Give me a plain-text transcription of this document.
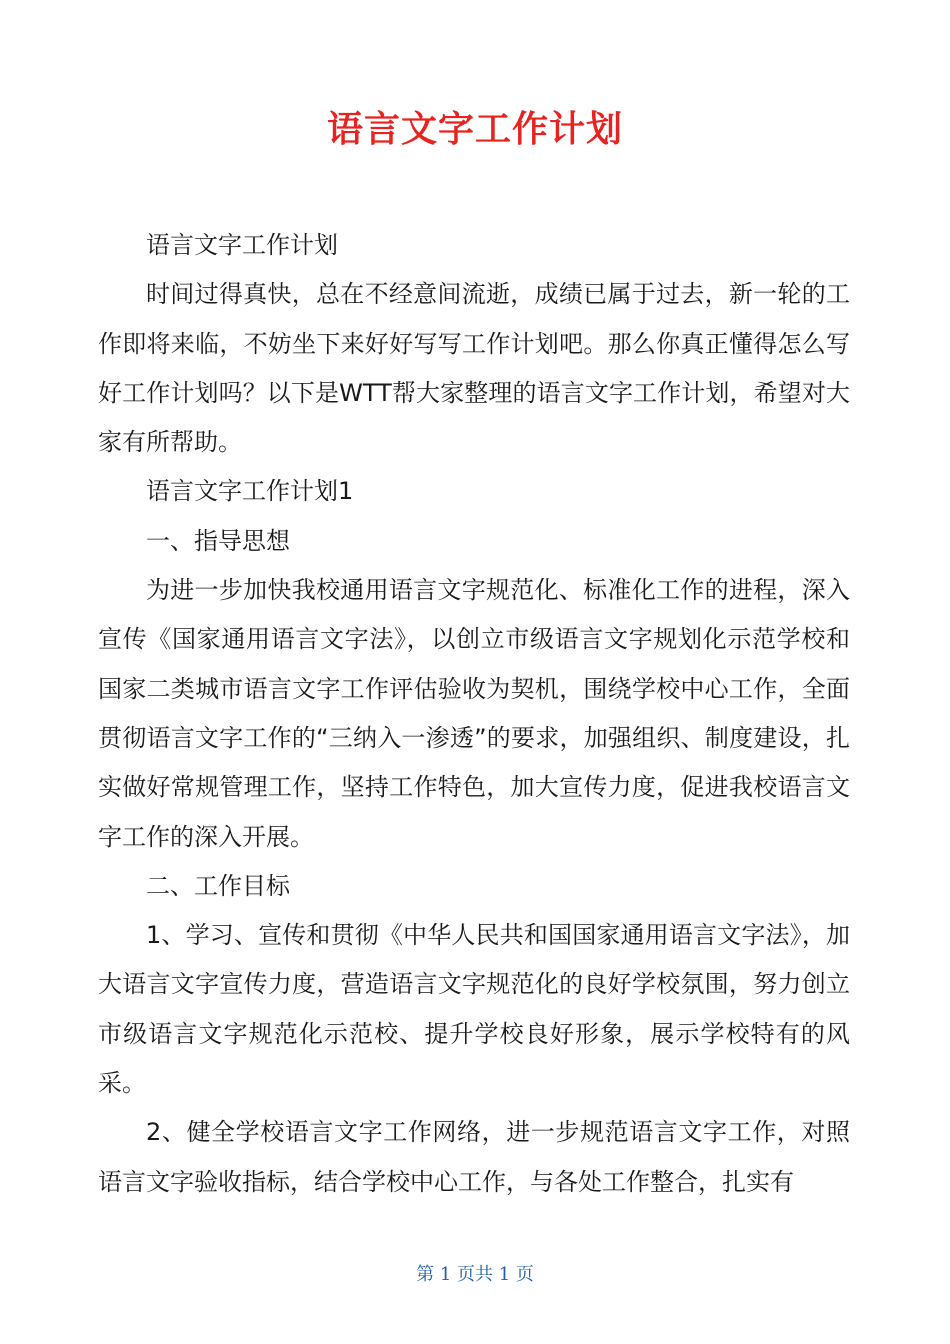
语言文字工作计划

语言文字工作计划

时间过得真快，总在不经意间流逝，成绩已属于过去，新一轮的工作即将来临，不妨坐下来好好写写工作计划吧。那么你真正懂得怎么写好工作计划吗？以下是WTT帮大家整理的语言文字工作计划，希望对大家有所帮助。

语言文字工作计划1

一、指导思想

为进一步加快我校通用语言文字规范化、标准化工作的进程，深入宣传《国家通用语言文字法》，以创立市级语言文字规划化示范学校和国家二类城市语言文字工作评估验收为契机，围绕学校中心工作，全面贯彻语言文字工作的“三纳入一渗透”的要求，加强组织、制度建设，扎实做好常规管理工作，坚持工作特色，加大宣传力度，促进我校语言文字工作的深入开展。

二、工作目标

1、学习、宣传和贯彻《中华人民共和国国家通用语言文字法》，加大语言文字宣传力度，营造语言文字规范化的良好学校氛围，努力创立市级语言文字规范化示范校、提升学校良好形象，展示学校特有的风采。

2、健全学校语言文字工作网络，进一步规范语言文字工作，对照语言文字验收指标，结合学校中心工作，与各处工作整合，扎实有

第 1 页共 1 页
